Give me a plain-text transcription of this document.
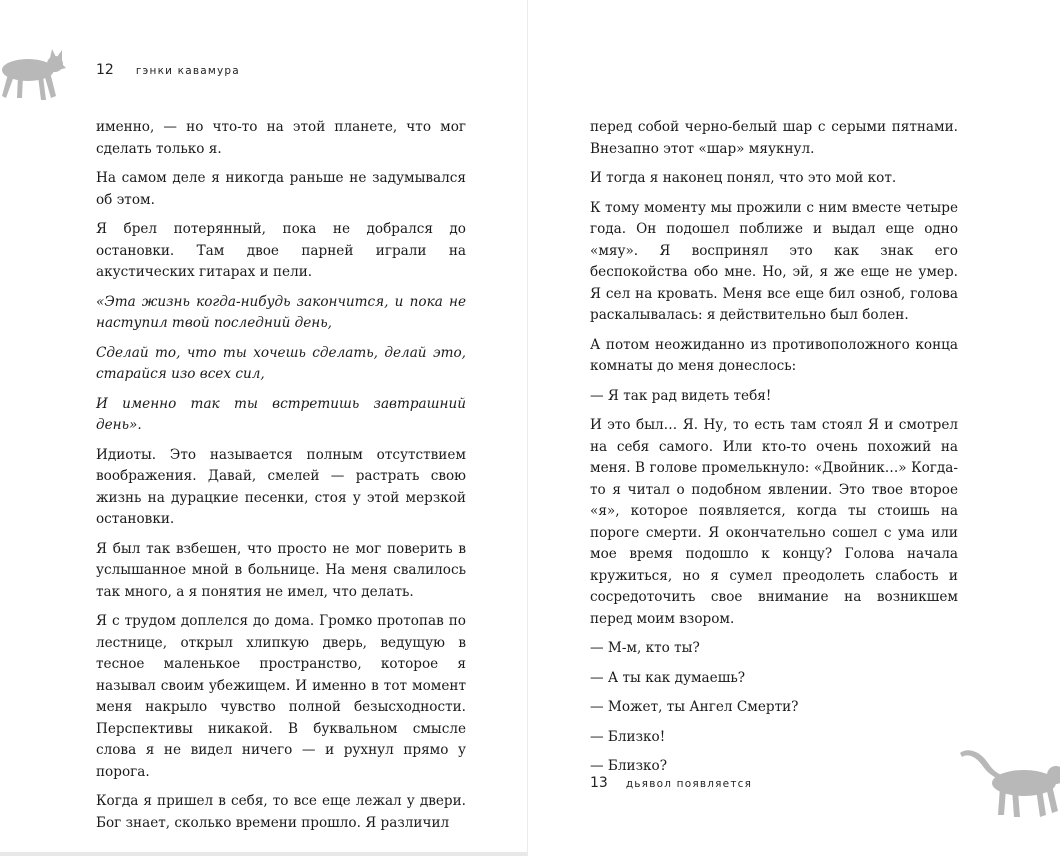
12 гэнки кавамура

именно, — но что-то на этой планете, что мог сделать только я.

На самом деле я никогда раньше не задумывался об этом.

Я брел потерянный, пока не добрался до остановки. Там двое парней играли на акустических гитарах и пели.

«Эта жизнь когда-нибудь закончится, и пока не наступил твой последний день,

Сделай то, что ты хочешь сделать, делай это, старайся изо всех сил,

И именно так ты встретишь завтрашний день».

Идиоты. Это называется полным отсутствием воображения. Давай, смелей — растрать свою жизнь на дурацкие песенки, стоя у этой мерзкой остановки.

Я был так взбешен, что просто не мог поверить в услышанное мной в больнице. На меня свалилось так много, а я понятия не имел, что делать.

Я с трудом доплелся до дома. Громко протопав по лестнице, открыл хлипкую дверь, ведущую в тесное маленькое пространство, которое я называл своим убежищем. И именно в тот момент меня накрыло чувство полной безысходности. Перспективы никакой. В буквальном смысле слова я не видел ничего — и рухнул прямо у порога.

Когда я пришел в себя, то все еще лежал у двери. Бог знает, сколько времени прошло. Я различил

перед собой черно-белый шар с серыми пятнами. Внезапно этот «шар» мяукнул.

И тогда я наконец понял, что это мой кот.

К тому моменту мы прожили с ним вместе четыре года. Он подошел поближе и выдал еще одно «мяу». Я воспринял это как знак его беспокойства обо мне. Но, эй, я же еще не умер. Я сел на кровать. Меня все еще бил озноб, голова раскалывалась: я действительно был болен.

А потом неожиданно из противоположного конца комнаты до меня донеслось:

— Я так рад видеть тебя!

И это был… Я. Ну, то есть там стоял Я и смотрел на себя самого. Или кто-то очень похожий на меня. В голове промелькнуло: «Двойник…» Когда-то я читал о подобном явлении. Это твое второе «я», которое появляется, когда ты стоишь на пороге смерти. Я окончательно сошел с ума или мое время подошло к концу? Голова начала кружиться, но я сумел преодолеть слабость и сосредоточить свое внимание на возникшем перед моим взором.

— М-м, кто ты?

— А ты как думаешь?

— Может, ты Ангел Смерти?

— Близко!

— Близко?

13 дьявол появляется
